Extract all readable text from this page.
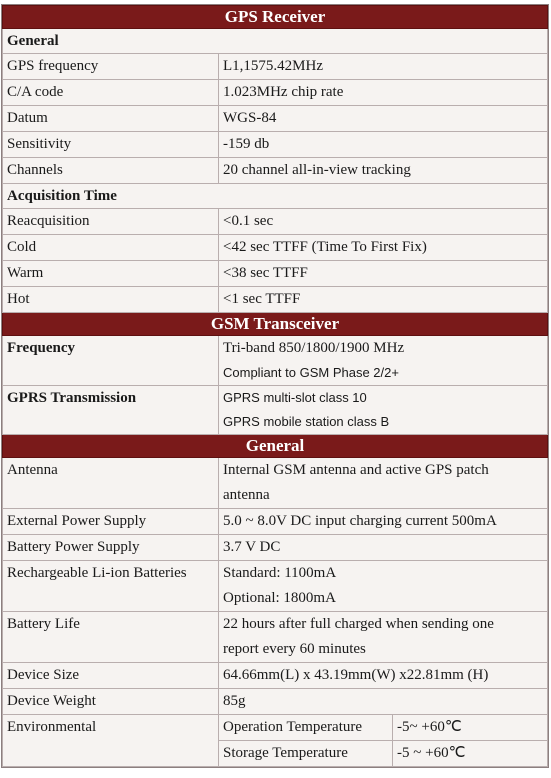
GPS Receiver
General
GPS frequency	L1,1575.42MHz
C/A code	1.023MHz chip rate
Datum	WGS-84
Sensitivity	-159 db
Channels	20 channel all-in-view tracking
Acquisition Time
Reacquisition	<0.1 sec
Cold	<42 sec TTFF (Time To First Fix)
Warm	<38 sec TTFF
Hot	<1 sec TTFF
GSM Transceiver
Frequency	Tri-band 850/1800/1900 MHz
Compliant to GSM Phase 2/2+

GPRS Transmission	GPRS multi-slot class 10
GPRS mobile station class B

General
Antenna	Internal GSM antenna and active GPS patch
antenna

External Power Supply	5.0 ~ 8.0V DC input charging current 500mA
Battery Power Supply	3.7 V DC
Rechargeable Li-ion Batteries	Standard: 1100mA
Optional: 1800mA

Battery Life	22 hours after full charged when sending one
report every 60 minutes

Device Size	64.66mm(L) x 43.19mm(W) x22.81mm (H)
Device Weight	85g
Environmental		Operation Temperature	-5~ +60℃
Storage Temperature	-5 ~ +60℃
